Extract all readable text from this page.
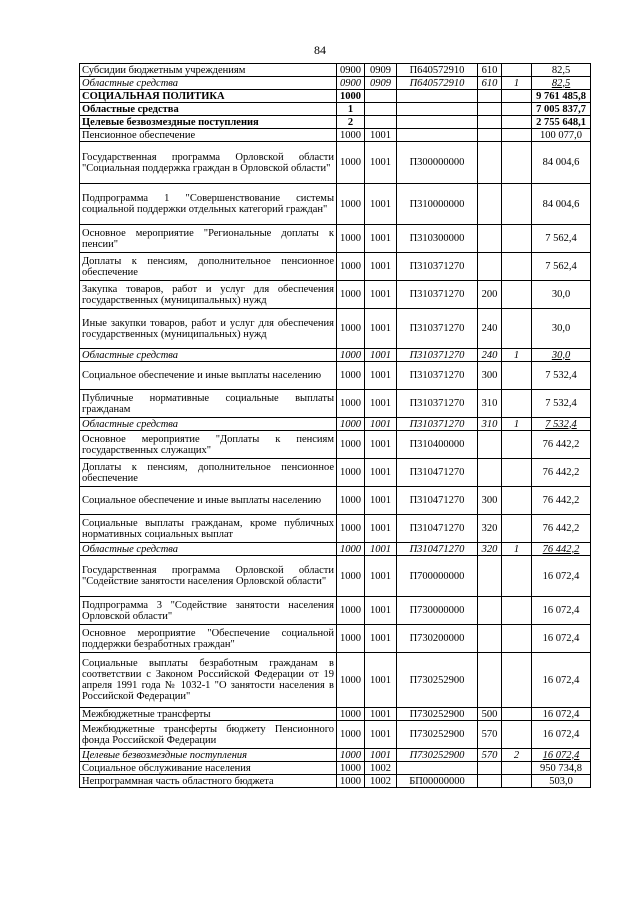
84
Субсидии бюджетным учреждениям	0900	0909	П640572910	610		82,5
Областные средства	0900	0909	П640572910	610	1	82,5
СОЦИАЛЬНАЯ ПОЛИТИКА	1000					9 761 485,8
Областные средства	1					7 005 837,7
Целевые безвозмездные поступления	2					2 755 648,1
Пенсионное обеспечение	1000	1001				100 077,0
Государственная программа Орловской области "Социальная поддержка граждан в Орловской области"	1000	1001	П300000000			84 004,6
Подпрограмма 1 "Совершенствование системы социальной поддержки отдельных категорий граждан"	1000	1001	П310000000			84 004,6
Основное мероприятие "Региональные доплаты к пенсии"	1000	1001	П310300000			7 562,4
Доплаты к пенсиям, дополнительное пенсионное обеспечение	1000	1001	П310371270			7 562,4
Закупка товаров, работ и услуг для обеспечения государственных (муниципальных) нужд	1000	1001	П310371270	200		30,0
Иные закупки товаров, работ и услуг для обеспечения государственных (муниципальных) нужд	1000	1001	П310371270	240		30,0
Областные средства	1000	1001	П310371270	240	1	30,0
Социальное обеспечение и иные выплаты населению	1000	1001	П310371270	300		7 532,4
Публичные нормативные социальные выплаты гражданам	1000	1001	П310371270	310		7 532,4
Областные средства	1000	1001	П310371270	310	1	7 532,4
Основное мероприятие "Доплаты к пенсиям государственных служащих"	1000	1001	П310400000			76 442,2
Доплаты к пенсиям, дополнительное пенсионное обеспечение	1000	1001	П310471270			76 442,2
Социальное обеспечение и иные выплаты населению	1000	1001	П310471270	300		76 442,2
Социальные выплаты гражданам, кроме публичных нормативных социальных выплат	1000	1001	П310471270	320		76 442,2
Областные средства	1000	1001	П310471270	320	1	76 442,2
Государственная программа Орловской области "Содействие занятости населения Орловской области"	1000	1001	П700000000			16 072,4
Подпрограмма 3 "Содействие занятости населения Орловской области"	1000	1001	П730000000			16 072,4
Основное мероприятие "Обеспечение социальной поддержки безработных граждан"	1000	1001	П730200000			16 072,4
Социальные выплаты безработным гражданам в соответствии с Законом Российской Федерации от 19 апреля 1991 года № 1032-1 "О занятости населения в Российской Федерации"	1000	1001	П730252900			16 072,4
Межбюджетные трансферты	1000	1001	П730252900	500		16 072,4
Межбюджетные трансферты бюджету Пенсионного фонда Российской Федерации	1000	1001	П730252900	570		16 072,4
Целевые безвозмездные поступления	1000	1001	П730252900	570	2	16 072,4
Социальное обслуживание населения	1000	1002				950 734,8
Непрограммная часть областного бюджета	1000	1002	БП00000000			503,0
